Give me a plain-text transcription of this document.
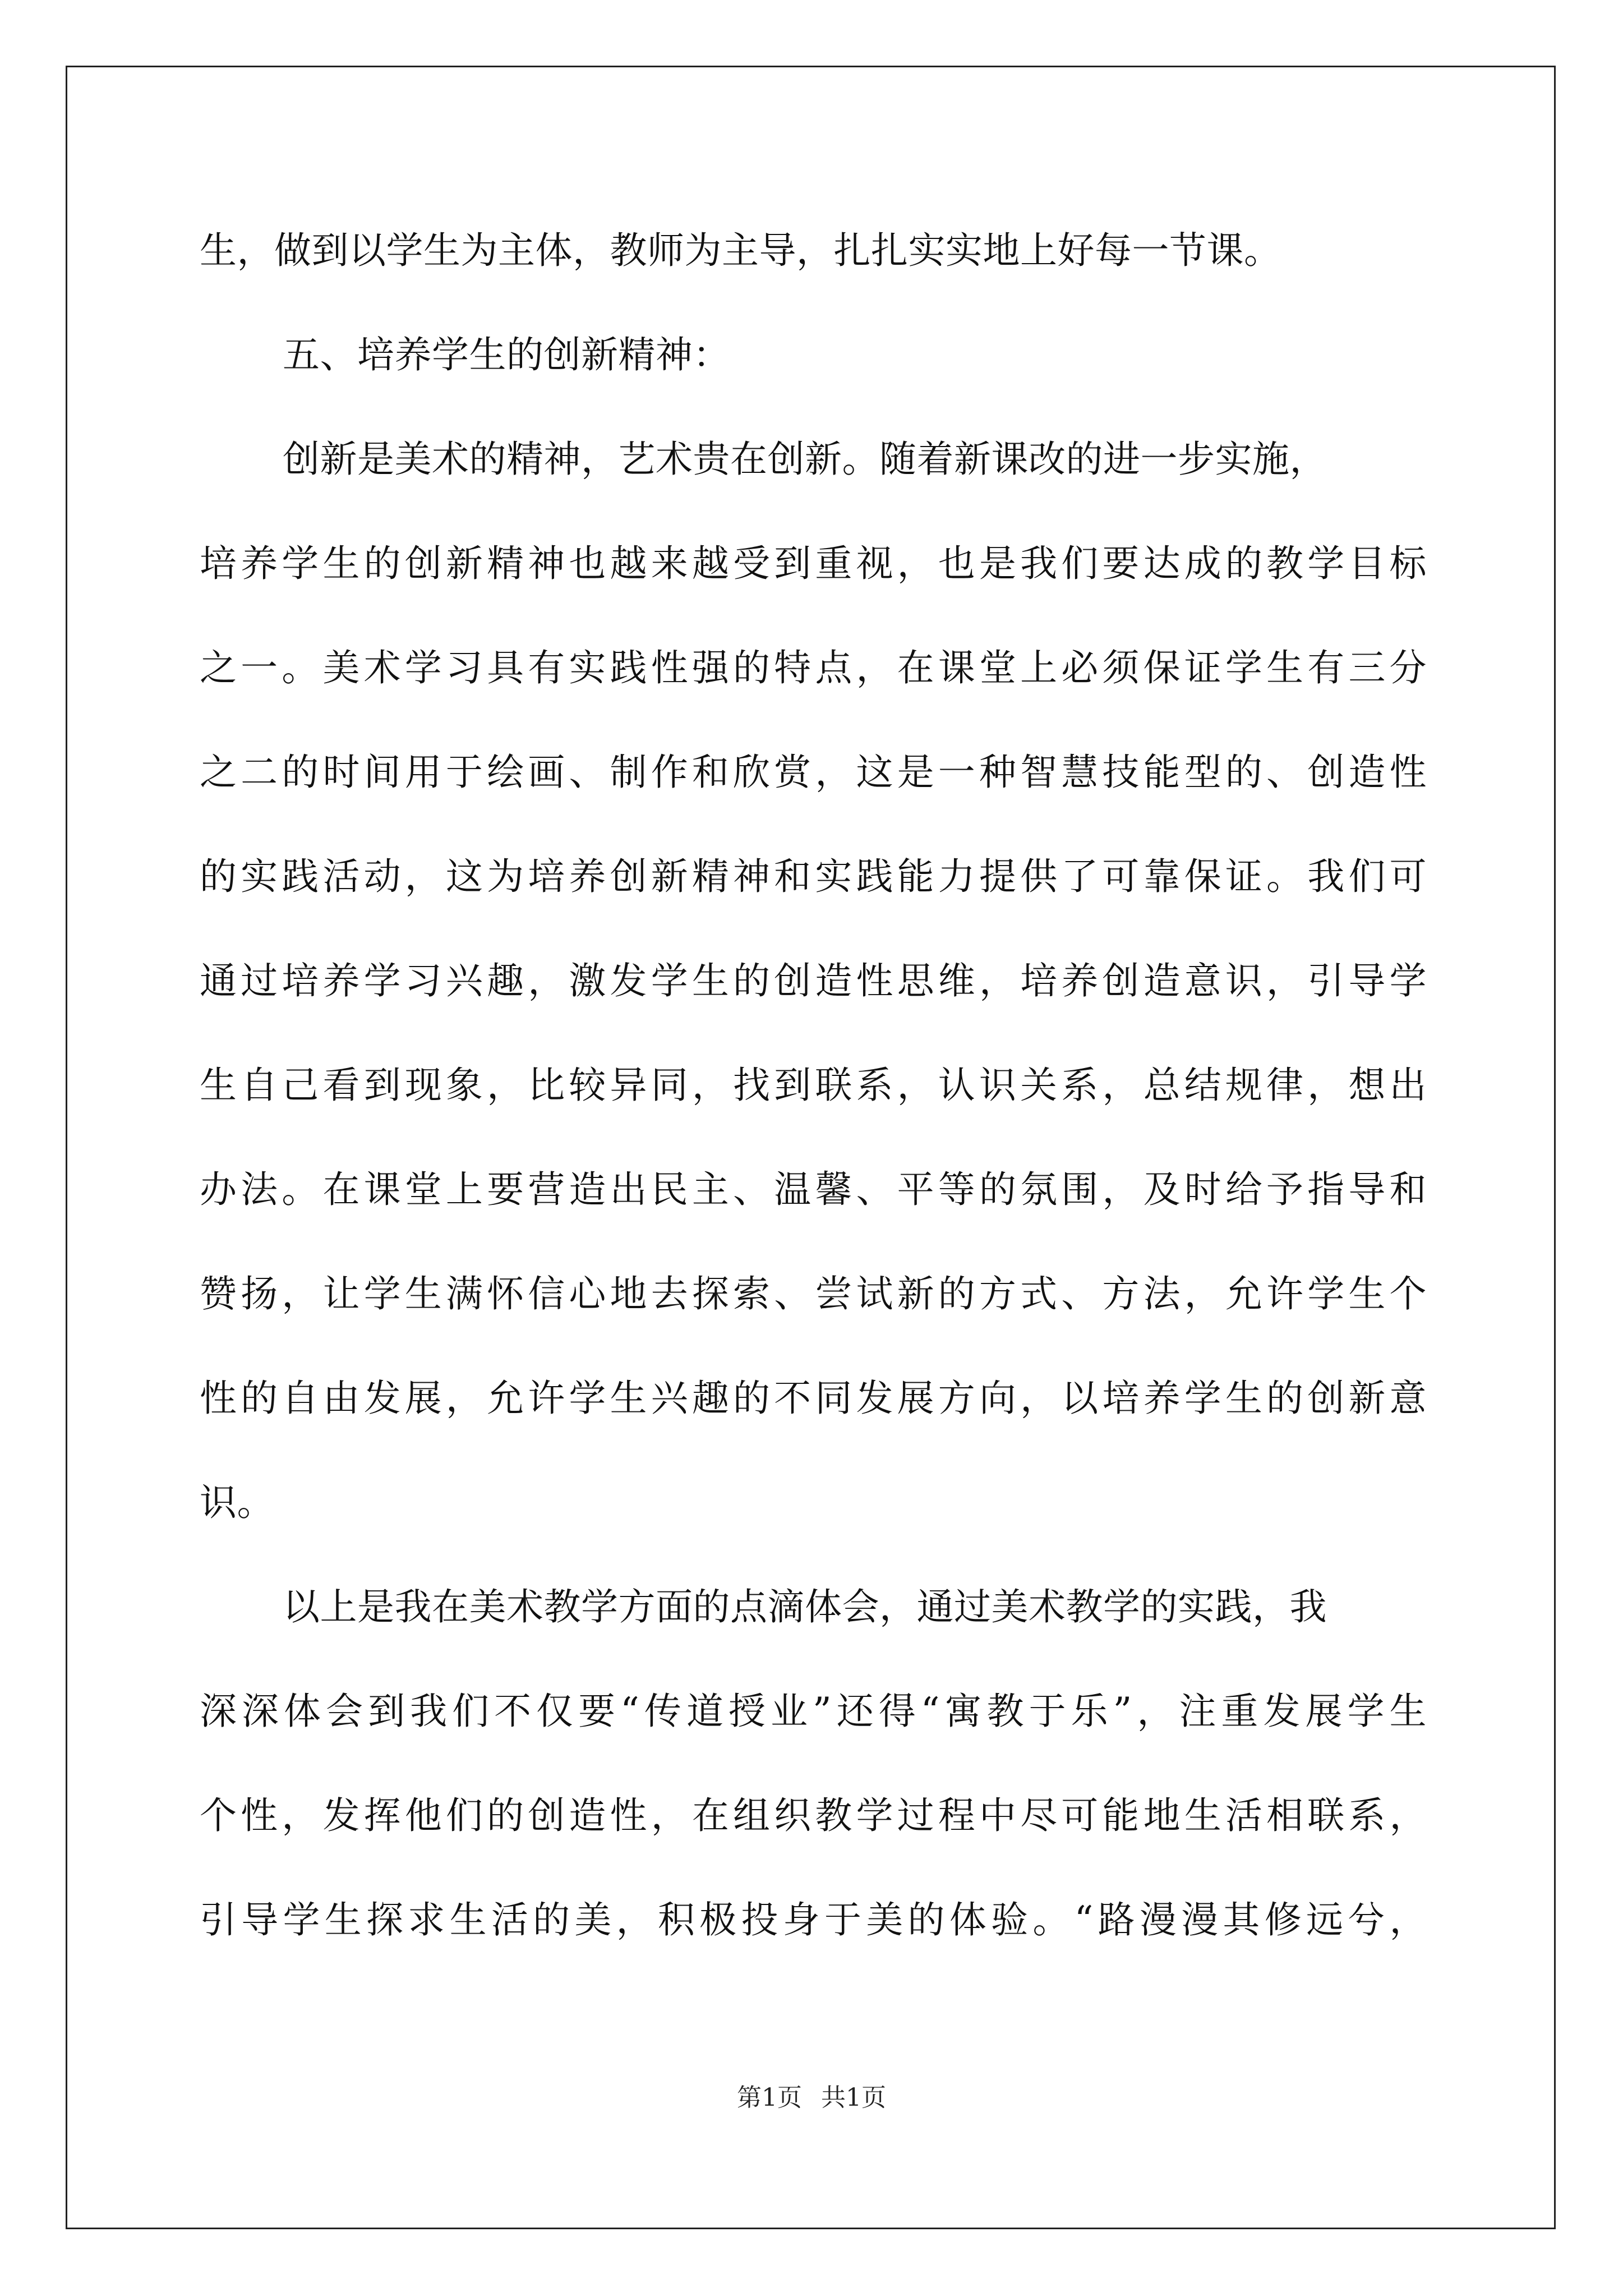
生，做到以学生为主体，教师为主导，扎扎实实地上好每一节课。
五、培养学生的创新精神：
创新是美术的精神，艺术贵在创新。随着新课改的进一步实施，
培养学生的创新精神也越来越受到重视，也是我们要达成的教学目标
之一。美术学习具有实践性强的特点，在课堂上必须保证学生有三分
之二的时间用于绘画、制作和欣赏，这是一种智慧技能型的、创造性
的实践活动，这为培养创新精神和实践能力提供了可靠保证。我们可
通过培养学习兴趣，激发学生的创造性思维，培养创造意识，引导学
生自己看到现象，比较异同，找到联系，认识关系，总结规律，想出
办法。在课堂上要营造出民主、温馨、平等的氛围，及时给予指导和
赞扬，让学生满怀信心地去探索、尝试新的方式、方法，允许学生个
性的自由发展，允许学生兴趣的不同发展方向，以培养学生的创新意
识。
以上是我在美术教学方面的点滴体会，通过美术教学的实践，我
深深体会到我们不仅要“传道授业”还得“寓教于乐”，注重发展学生
个性，发挥他们的创造性，在组织教学过程中尽可能地生活相联系，
引导学生探求生活的美，积极投身于美的体验。“路漫漫其修远兮，
第1页 共1页
